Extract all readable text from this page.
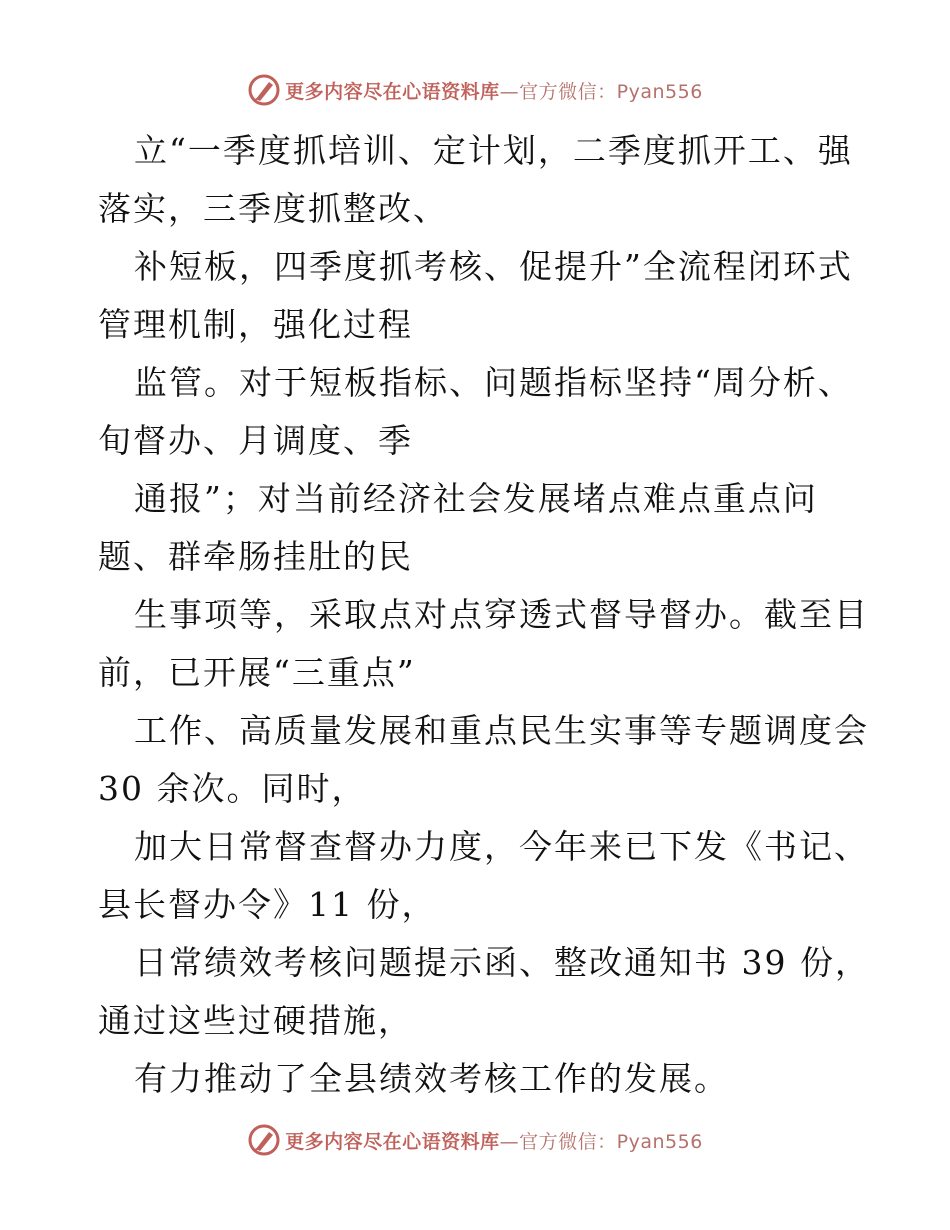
更多内容尽在心语资料库—官方微信：Pyan556
立“一季度抓培训、定计划，二季度抓开工、强
落实，三季度抓整改、
补短板，四季度抓考核、促提升”全流程闭环式
管理机制，强化过程
监管。对于短板指标、问题指标坚持“周分析、
旬督办、月调度、季
通报”；对当前经济社会发展堵点难点重点问
题、群牵肠挂肚的民
生事项等，采取点对点穿透式督导督办。截至目
前，已开展“三重点”
工作、高质量发展和重点民生实事等专题调度会
30 余次。同时，
加大日常督查督办力度，今年来已下发《书记、
县长督办令》11 份，
日常绩效考核问题提示函、整改通知书 39 份，
通过这些过硬措施，
有力推动了全县绩效考核工作的发展。
更多内容尽在心语资料库—官方微信：Pyan556
